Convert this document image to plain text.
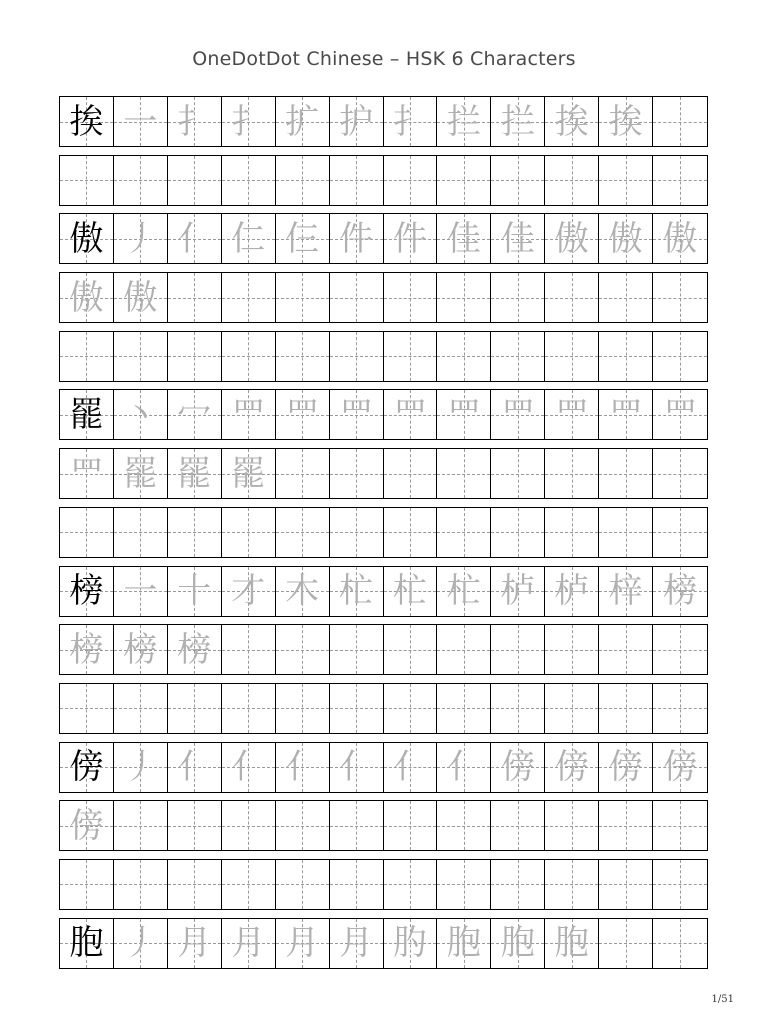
OneDotDot Chinese – HSK 6 Characters
挨 一 扌 扌 扩 护 扌 拦 拦 挨 挨
傲 丿 亻 仁 仨 件 件 佳 佳 傲 傲 傲
傲 傲
罷 丶 冖 罒 罒 罒 罒 罒 罒 罒 罒 罒
罒 罷 罷 罷
榜 一 十 才 木 杧 杧 杧 栌 栌 梓 榜
榜 榜 榜
傍 丿 亻 亻 亻 亻 亻 亻 傍 傍 傍 傍
傍
胞 丿 月 月 月 月 肑 胞 胞 胞
1/51
